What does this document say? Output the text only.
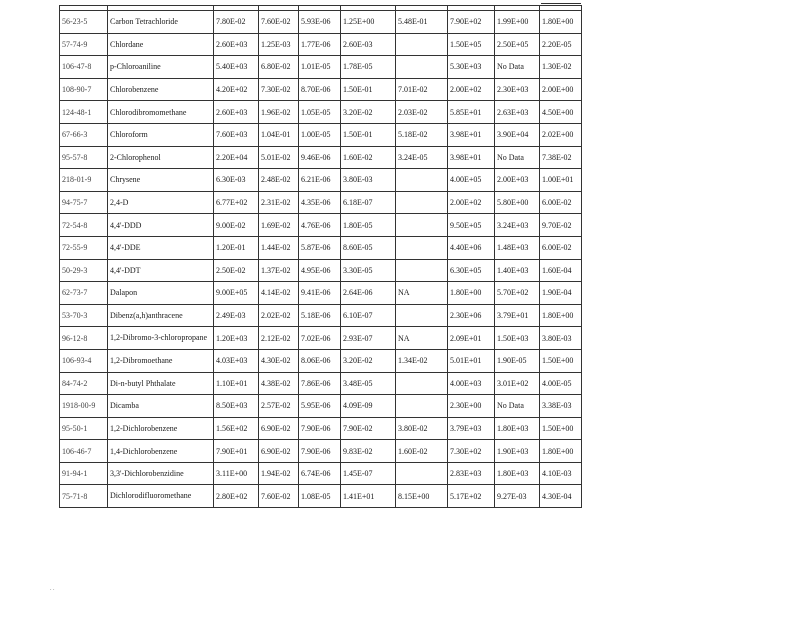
56-23-5	Carbon Tetrachloride	7.80E-02	7.60E-02	5.93E-06	1.25E+00	5.48E-01	7.90E+02	1.99E+00	1.80E+00
57-74-9	Chlordane	2.60E+03	1.25E-03	1.77E-06	2.60E-03		1.50E+05	2.50E+05	2.20E-05
106-47-8	p-Chloroaniline	5.40E+03	6.80E-02	1.01E-05	1.78E-05		5.30E+03	No Data	1.30E-02
108-90-7	Chlorobenzene	4.20E+02	7.30E-02	8.70E-06	1.50E-01	7.01E-02	2.00E+02	2.30E+03	2.00E+00
124-48-1	Chlorodibromomethane	2.60E+03	1.96E-02	1.05E-05	3.20E-02	2.03E-02	5.85E+01	2.63E+03	4.50E+00
67-66-3	Chloroform	7.60E+03	1.04E-01	1.00E-05	1.50E-01	5.18E-02	3.98E+01	3.90E+04	2.02E+00
95-57-8	2-Chlorophenol	2.20E+04	5.01E-02	9.46E-06	1.60E-02	3.24E-05	3.98E+01	No Data	7.38E-02
218-01-9	Chrysene	6.30E-03	2.48E-02	6.21E-06	3.80E-03		4.00E+05	2.00E+03	1.00E+01
94-75-7	2,4-D	6.77E+02	2.31E-02	4.35E-06	6.18E-07		2.00E+02	5.80E+00	6.00E-02
72-54-8	4,4'-DDD	9.00E-02	1.69E-02	4.76E-06	1.80E-05		9.50E+05	3.24E+03	9.70E-02
72-55-9	4,4'-DDE	1.20E-01	1.44E-02	5.87E-06	8.60E-05		4.40E+06	1.48E+03	6.00E-02
50-29-3	4,4'-DDT	2.50E-02	1.37E-02	4.95E-06	3.30E-05		6.30E+05	1.40E+03	1.60E-04
62-73-7	Dalapon	9.00E+05	4.14E-02	9.41E-06	2.64E-06	NA	1.80E+00	5.70E+02	1.90E-04
53-70-3	Dibenz(a,h)anthracene	2.49E-03	2.02E-02	5.18E-06	6.10E-07		2.30E+06	3.79E+01	1.80E+00
96-12-8	1,2-Dibromo-3-chloropropane	1.20E+03	2.12E-02	7.02E-06	2.93E-07	NA	2.09E+01	1.50E+03	3.80E-03
106-93-4	1,2-Dibromoethane	4.03E+03	4.30E-02	8.06E-06	3.20E-02	1.34E-02	5.01E+01	1.90E-05	1.50E+00
84-74-2	Di-n-butyl Phthalate	1.10E+01	4.38E-02	7.86E-06	3.48E-05		4.00E+03	3.01E+02	4.00E-05
1918-00-9	Dicamba	8.50E+03	2.57E-02	5.95E-06	4.09E-09		2.30E+00	No Data	3.38E-03
95-50-1	1,2-Dichlorobenzene	1.56E+02	6.90E-02	7.90E-06	7.90E-02	3.80E-02	3.79E+03	1.80E+03	1.50E+00
106-46-7	1,4-Dichlorobenzene	7.90E+01	6.90E-02	7.90E-06	9.83E-02	1.60E-02	7.30E+02	1.90E+03	1.80E+00
91-94-1	3,3'-Dichlorobenzidine	3.11E+00	1.94E-02	6.74E-06	1.45E-07		2.83E+03	1.80E+03	4.10E-03
75-71-8	Dichlorodifluoromethane	2.80E+02	7.60E-02	1.08E-05	1.41E+01	8.15E+00	5.17E+02	9.27E-03	4.30E-04
. .
